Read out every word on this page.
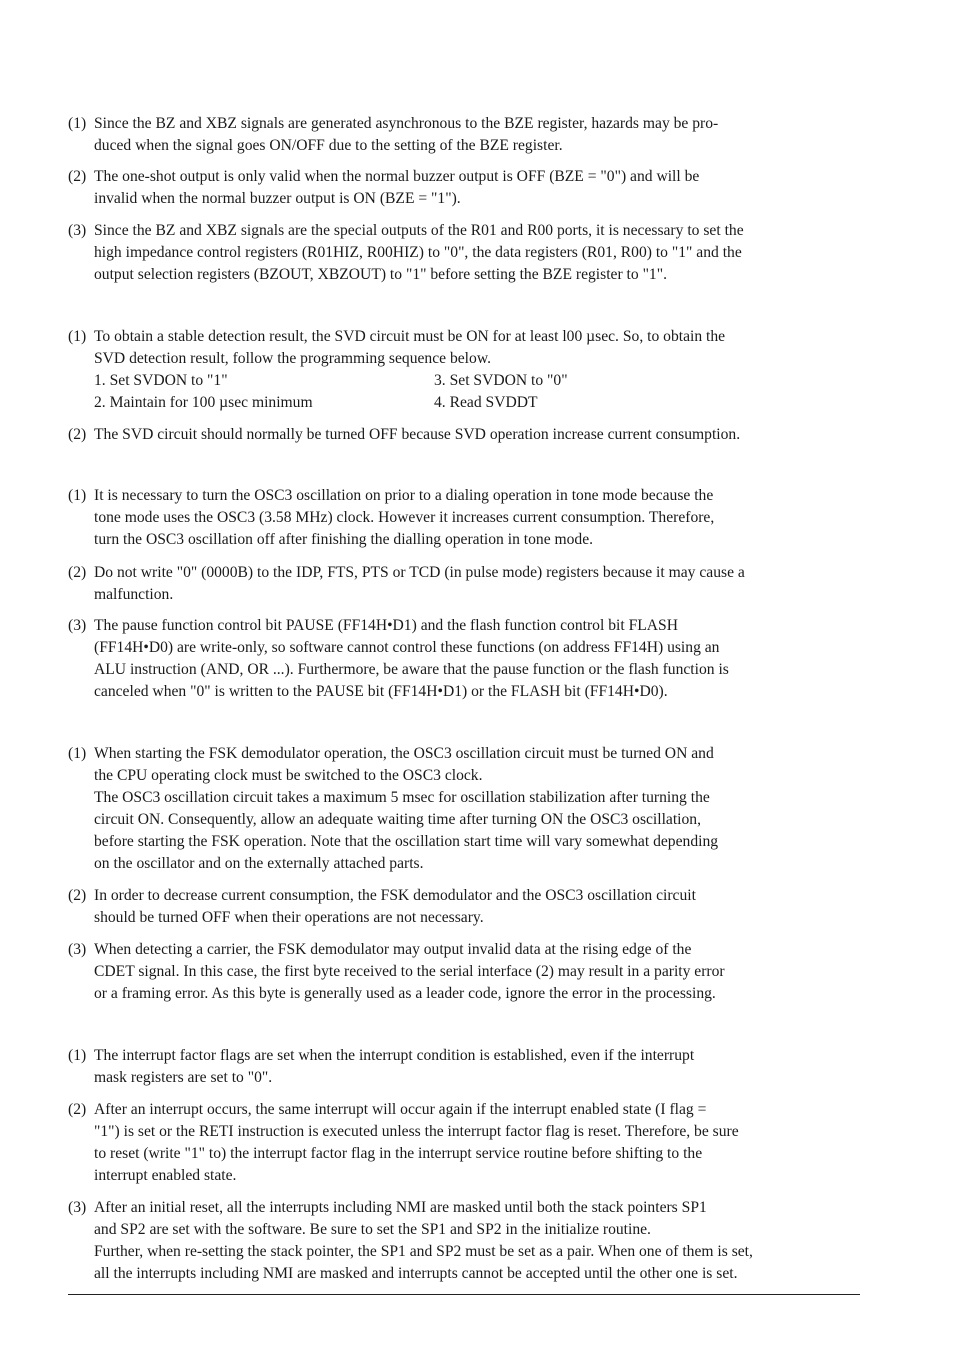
(1) Since the BZ and XBZ signals are generated asynchronous to the BZE register, hazards may be pro-

duced when the signal goes ON/OFF due to the setting of the BZE register.

(2) The one-shot output is only valid when the normal buzzer output is OFF (BZE = "0") and will be

invalid when the normal buzzer output is ON (BZE = "1").

(3) Since the BZ and XBZ signals are the special outputs of the R01 and R00 ports, it is necessary to set the

high impedance control registers (R01HIZ, R00HIZ) to "0", the data registers (R01, R00) to "1" and the

output selection registers (BZOUT, XBZOUT) to "1" before setting the BZE register to "1".

(1) To obtain a stable detection result, the SVD circuit must be ON for at least l00 µsec. So, to obtain the

SVD detection result, follow the programming sequence below.

1. Set SVDON to "1"
2. Maintain for 100 µsec minimum
3. Set SVDON to "0"
4. Read SVDDT
(2) The SVD circuit should normally be turned OFF because SVD operation increase current consumption.

(1) It is necessary to turn the OSC3 oscillation on prior to a dialing operation in tone mode because the

tone mode uses the OSC3 (3.58 MHz) clock. However it increases current consumption. Therefore,

turn the OSC3 oscillation off after finishing the dialling operation in tone mode.

(2) Do not write "0" (0000B) to the IDP, FTS, PTS or TCD (in pulse mode) registers because it may cause a

malfunction.

(3) The pause function control bit PAUSE (FF14H•D1) and the flash function control bit FLASH

(FF14H•D0) are write-only, so software cannot control these functions (on address FF14H) using an

ALU instruction (AND, OR ...). Furthermore, be aware that the pause function or the flash function is

canceled when "0" is written to the PAUSE bit (FF14H•D1) or the FLASH bit (FF14H•D0).

(1) When starting the FSK demodulator operation, the OSC3 oscillation circuit must be turned ON and

the CPU operating clock must be switched to the OSC3 clock.

The OSC3 oscillation circuit takes a maximum 5 msec for oscillation stabilization after turning the

circuit ON. Consequently, allow an adequate waiting time after turning ON the OSC3 oscillation,

before starting the FSK operation. Note that the oscillation start time will vary somewhat depending

on the oscillator and on the externally attached parts.

(2) In order to decrease current consumption, the FSK demodulator and the OSC3 oscillation circuit

should be turned OFF when their operations are not necessary.

(3) When detecting a carrier, the FSK demodulator may output invalid data at the rising edge of the

CDET signal. In this case, the first byte received to the serial interface (2) may result in a parity error

or a framing error. As this byte is generally used as a leader code, ignore the error in the processing.

(1) The interrupt factor flags are set when the interrupt condition is established, even if the interrupt

mask registers are set to "0".

(2) After an interrupt occurs, the same interrupt will occur again if the interrupt enabled state (I flag =

"1") is set or the RETI instruction is executed unless the interrupt factor flag is reset. Therefore, be sure

to reset (write "1" to) the interrupt factor flag in the interrupt service routine before shifting to the

interrupt enabled state.

(3) After an initial reset, all the interrupts including NMI are masked until both the stack pointers SP1

and SP2 are set with the software. Be sure to set the SP1 and SP2 in the initialize routine.

Further, when re-setting the stack pointer, the SP1 and SP2 must be set as a pair. When one of them is set,

all the interrupts including NMI are masked and interrupts cannot be accepted until the other one is set.
